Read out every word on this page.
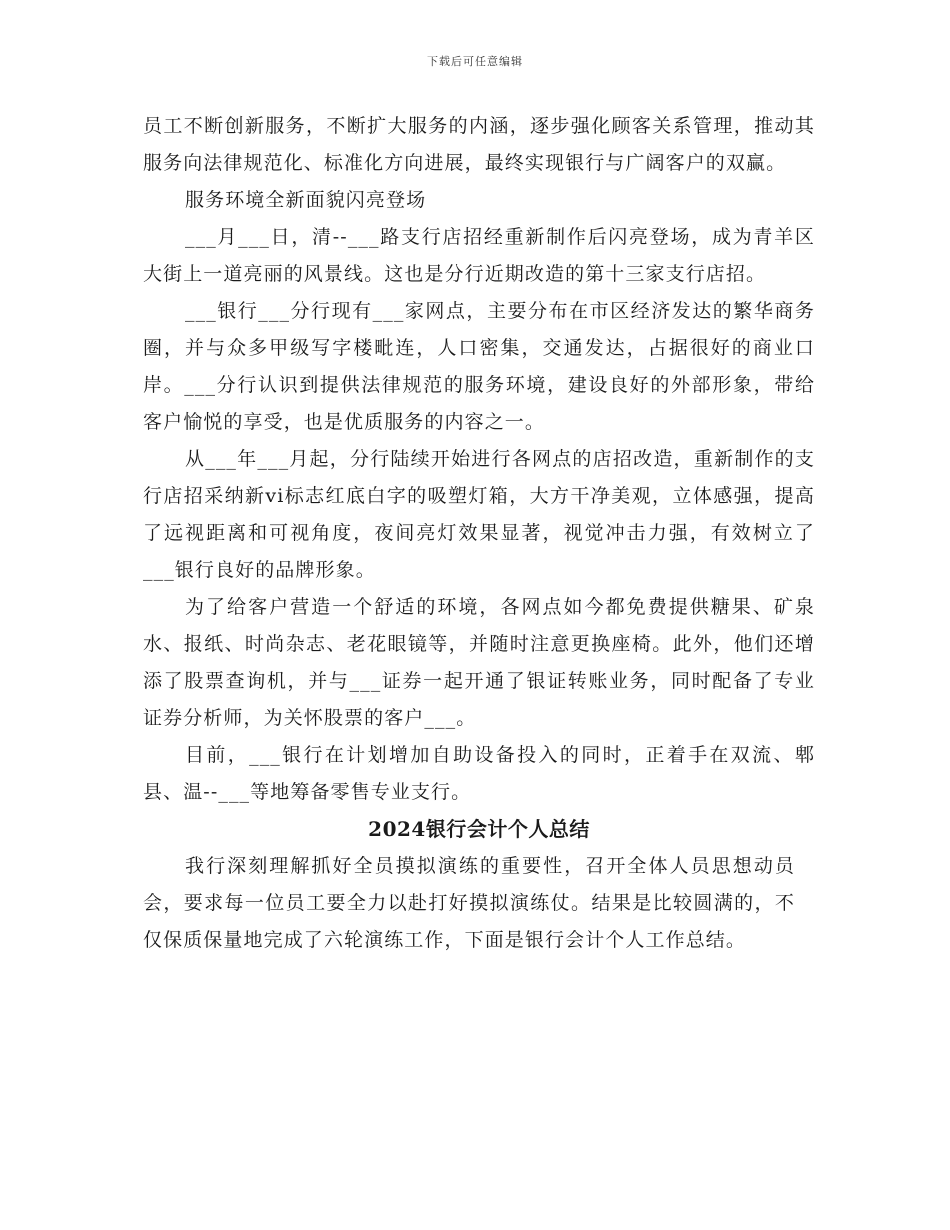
下载后可任意编辑

员工不断创新服务，不断扩大服务的内涵，逐步强化顾客关系管理，推动其服务向法律规范化、标准化方向进展，最终实现银行与广阔客户的双赢。

服务环境全新面貌闪亮登场

___月___日，清--___路支行店招经重新制作后闪亮登场，成为青羊区大街上一道亮丽的风景线。这也是分行近期改造的第十三家支行店招。

___银行___分行现有___家网点，主要分布在市区经济发达的繁华商务圈，并与众多甲级写字楼毗连，人口密集，交通发达，占据很好的商业口岸。___分行认识到提供法律规范的服务环境，建设良好的外部形象，带给客户愉悦的享受，也是优质服务的内容之一。

从___年___月起，分行陆续开始进行各网点的店招改造，重新制作的支行店招采纳新vi标志红底白字的吸塑灯箱，大方干净美观，立体感强，提高了远视距离和可视角度，夜间亮灯效果显著，视觉冲击力强，有效树立了___银行良好的品牌形象。

为了给客户营造一个舒适的环境，各网点如今都免费提供糖果、矿泉水、报纸、时尚杂志、老花眼镜等，并随时注意更换座椅。此外，他们还增添了股票查询机，并与___证券一起开通了银证转账业务，同时配备了专业证券分析师，为关怀股票的客户___。

目前，___银行在计划增加自助设备投入的同时，正着手在双流、郫县、温--___等地筹备零售专业支行。

2024银行会计个人总结

我行深刻理解抓好全员摸拟演练的重要性，召开全体人员思想动员会，要求每一位员工要全力以赴打好摸拟演练仗。结果是比较圆满的，不仅保质保量地完成了六轮演练工作，下面是银行会计个人工作总结。
